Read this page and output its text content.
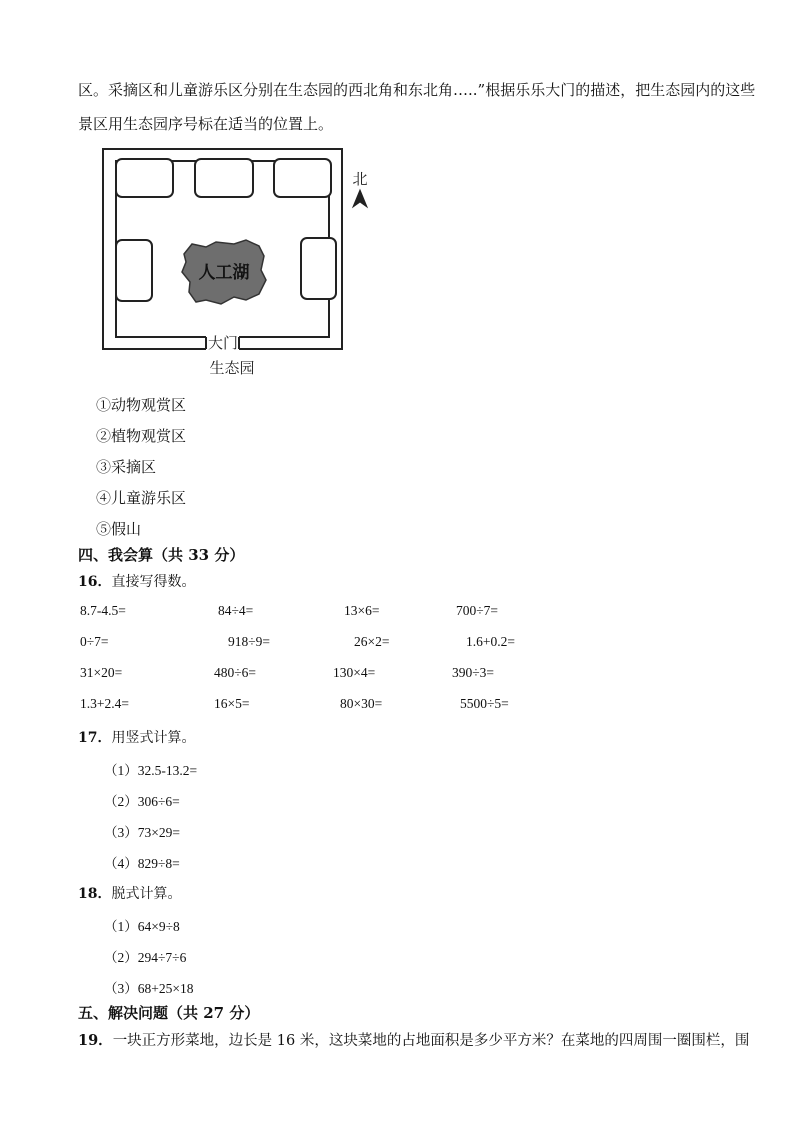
区。采摘区和儿童游乐区分别在生态园的西北角和东北角…..”根据乐乐大门的描述，把生态园内的这些
景区用生态园序号标在适当的位置上。
人工湖
北
大门
生态园
①动物观赏区
②植物观赏区
③采摘区
④儿童游乐区
⑤假山
四、我会算（共 33 分）
16．直接写得数。
8.7-4.5=	84÷4=	13×6=	700÷7=
0÷7=	918÷9=	26×2=	1.6+0.2=
31×20=	480÷6=	130×4=	390÷3=
1.3+2.4=	16×5=	80×30=	5500÷5=
17．用竖式计算。
（1）32.5-13.2=
（2）306÷6=
（3）73×29=
（4）829÷8=
18．脱式计算。
（1）64×9÷8
（2）294÷7÷6
（3）68+25×18
五、解决问题（共 27 分）
19．一块正方形菜地，边长是 16 米，这块菜地的占地面积是多少平方米？在菜地的四周围一圈围栏，围
